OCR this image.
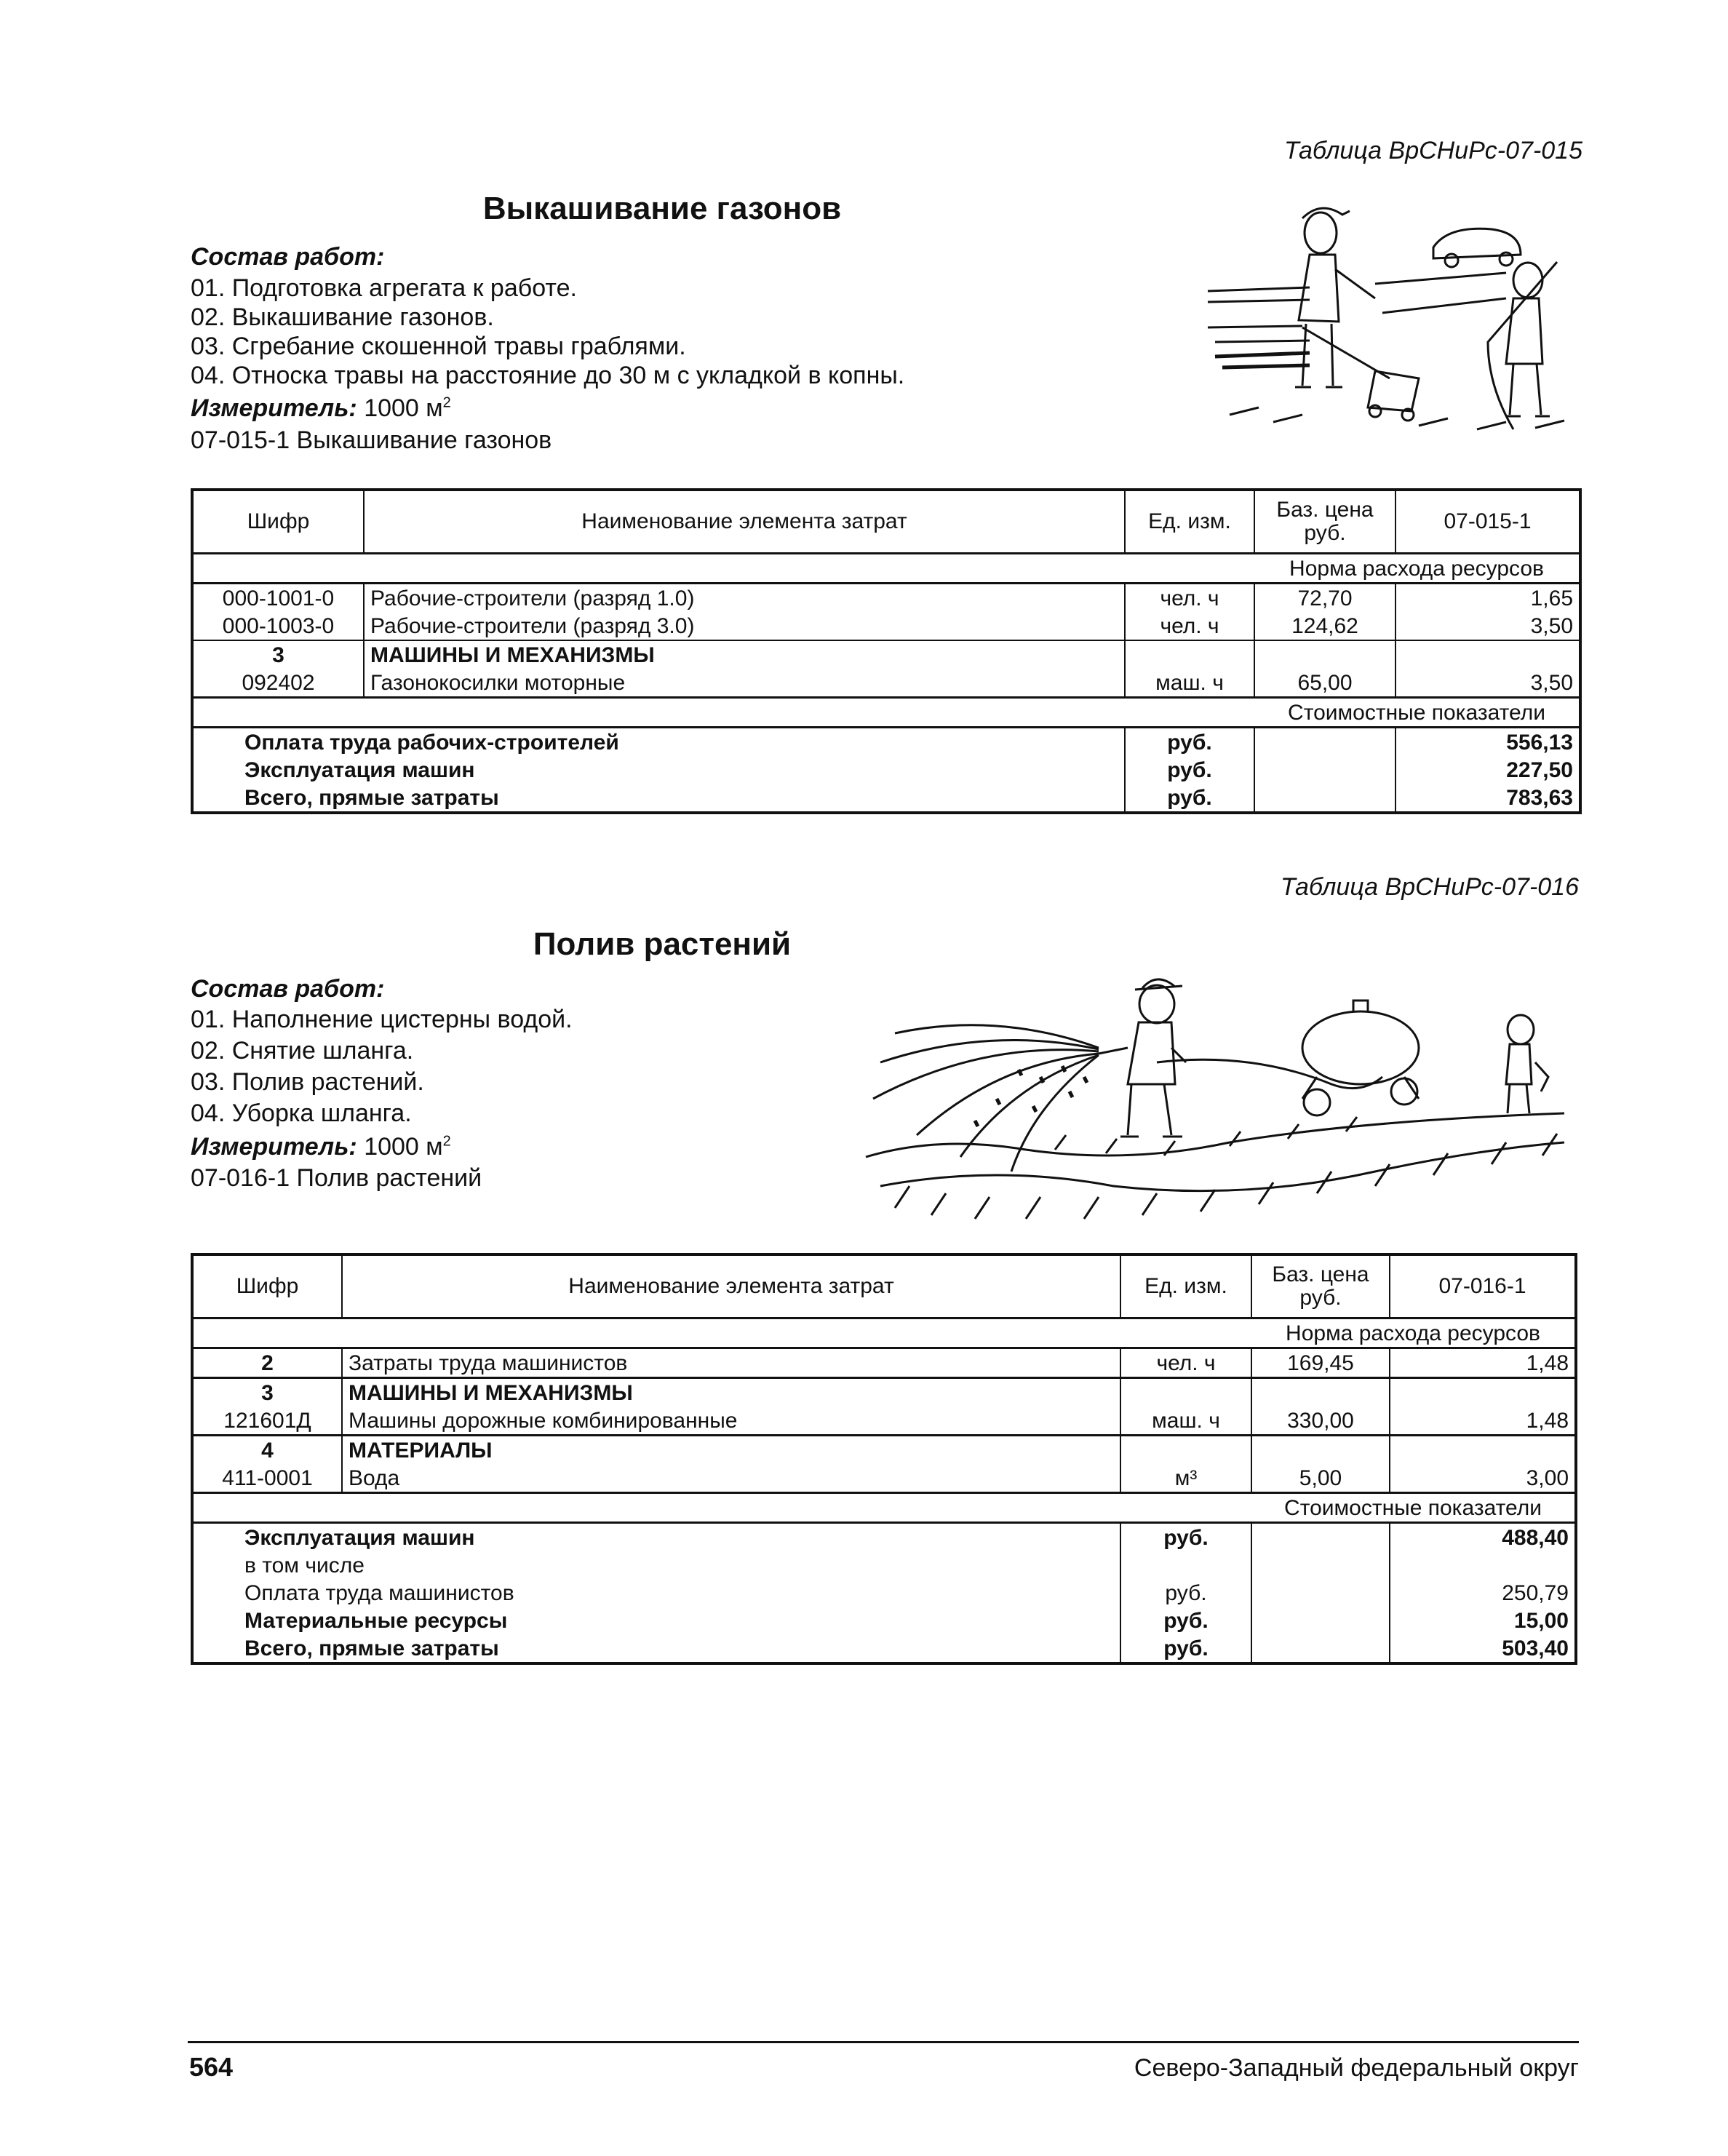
Таблица ВрСНиРс-07-015
Выкашивание газонов
Состав работ:
01. Подготовка агрегата к работе.
02. Выкашивание газонов.
03. Сгребание скошенной травы граблями.
04. Относка травы на расстояние до 30 м с укладкой в копны.
Измеритель: 1000 $м^2$
07-015-1 Выкашивание газонов
Шифр	Наименование элемента затрат	Ед. изм.	Баз. цена руб.	07-015-1
			Норма расхода ресурсов	
000-1001-0	Рабочие-строители (разряд 1.0)	чел. ч	72,70	1,65
000-1003-0	Рабочие-строители (разряд 3.0)	чел. ч	124,62	3,50
3	МАШИНЫ И МЕХАНИЗМЫ			
092402	Газонокосилки моторные	маш. ч	65,00	3,50
			Стоимостные показатели	
Оплата труда рабочих-строителей		руб.		556,13
Эксплуатация машин		руб.		227,50
Всего, прямые затраты		руб.		783,63
Таблица ВрСНиРс-07-016
Полив растений
Состав работ:
01. Наполнение цистерны водой.
02. Снятие шланга.
03. Полив растений.
04. Уборка шланга.
Измеритель: 1000 $м^2$
07-016-1 Полив растений
Шифр	Наименование элемента затрат	Ед. изм.	Баз. цена руб.	07-016-1
			Норма расхода ресурсов	
2	Затраты труда машинистов	чел. ч	169,45	1,48
3	МАШИНЫ И МЕХАНИЗМЫ			
121601Д	Машины дорожные комбинированные	маш. ч	330,00	1,48
4	МАТЕРИАЛЫ			
411-0001	Вода	м³	5,00	3,00
			Стоимостные показатели	
Эксплуатация машин		руб.		488,40
в том числе				
Оплата труда машинистов		руб.		250,79
Материальные ресурсы		руб.		15,00
Всего, прямые затраты		руб.		503,40
564	Северо-Западный федеральный округ
